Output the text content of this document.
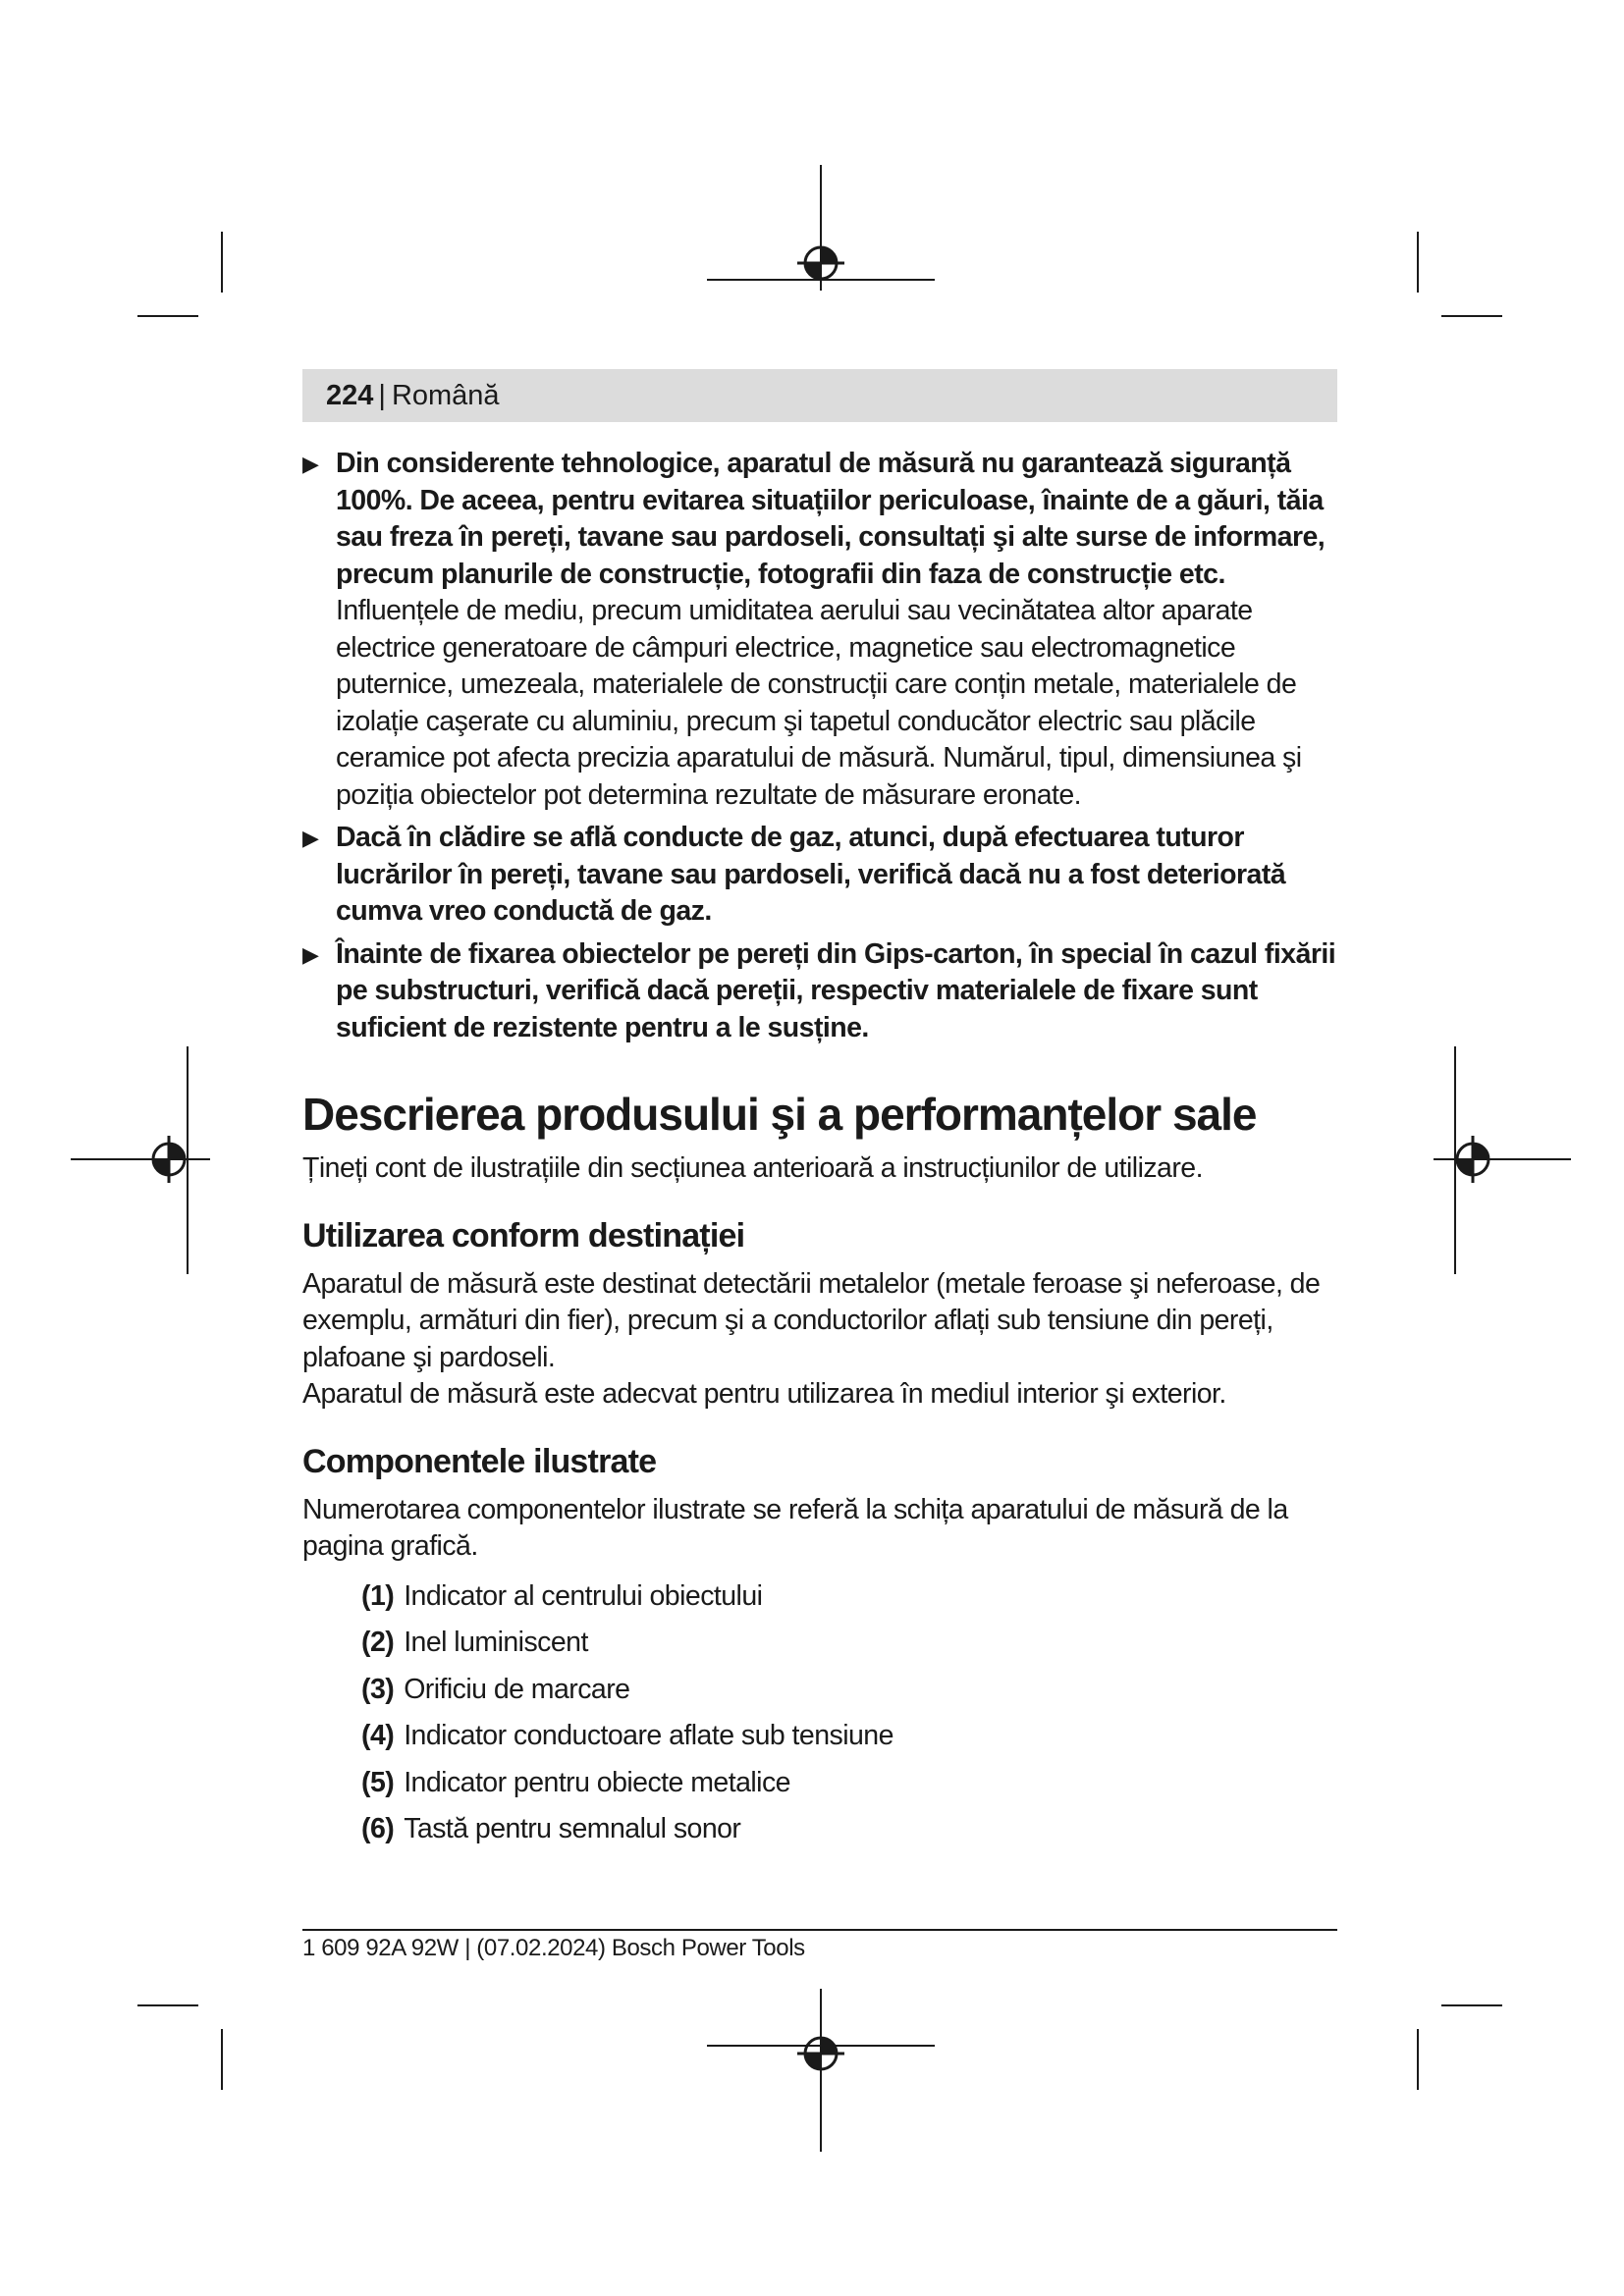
224 | Română
▶ Din considerente tehnologice, aparatul de măsură nu garantează siguranță 100%. De aceea, pentru evitarea situațiilor periculoase, înainte de a găuri, tăia sau freza în pereți, tavane sau pardoseli, consultați şi alte surse de informare, precum planurile de construcție, fotografii din faza de construcție etc. Influențele de mediu, precum umiditatea aerului sau vecinătatea altor aparate electrice generatoare de câmpuri electrice, magnetice sau electromagnetice puternice, umezeala, materialele de construcții care conțin metale, materialele de izolație caşerate cu aluminiu, precum şi tapetul conducător electric sau plăcile ceramice pot afecta precizia aparatului de măsură. Numărul, tipul, dimensiunea şi poziția obiectelor pot determina rezultate de măsurare eronate.
▶ Dacă în clădire se află conducte de gaz, atunci, după efectuarea tuturor lucrărilor în pereți, tavane sau pardoseli, verifică dacă nu a fost deteriorată cumva vreo conductă de gaz.
▶ Înainte de fixarea obiectelor pe pereți din Gips-carton, în special în cazul fixării pe substructuri, verifică dacă pereții, respectiv materialele de fixare sunt suficient de rezistente pentru a le susține.
Descrierea produsului şi a performanțelor sale

Țineți cont de ilustrațiile din secțiunea anterioară a instrucțiunilor de utilizare.

Utilizarea conform destinației

Aparatul de măsură este destinat detectării metalelor (metale feroase şi neferoase, de exemplu, armături din fier), precum şi a conductorilor aflați sub tensiune din pereți, plafoane şi pardoseli.

Aparatul de măsură este adecvat pentru utilizarea în mediul interior şi exterior.

Componentele ilustrate

Numerotarea componentelor ilustrate se referă la schița aparatului de măsură de la pagina grafică.

(1) Indicator al centrului obiectului
(2) Inel luminiscent
(3) Orificiu de marcare
(4) Indicator conductoare aflate sub tensiune
(5) Indicator pentru obiecte metalice
(6) Tastă pentru semnalul sonor
1 609 92A 92W | (07.02.2024) Bosch Power Tools
